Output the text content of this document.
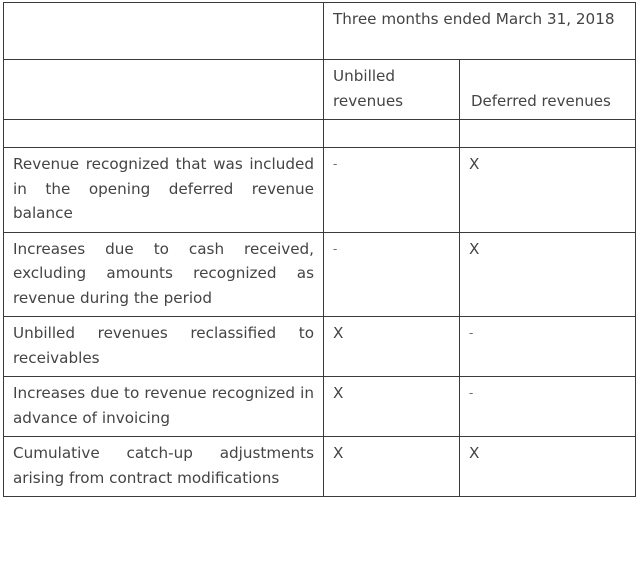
	Three months ended March 31, 2018	

	Unbilled revenues	Deferred revenues

Revenue recognized that was included in the opening deferred revenue balance	-	X

Increases due to cash received, excluding amounts recognized as revenue during the period	-	X

Unbilled revenues reclassified to receivables	X	-

Increases due to revenue recognized in advance of invoicing	X	-

Cumulative catch-up adjustments arising from contract modifications	X	X
